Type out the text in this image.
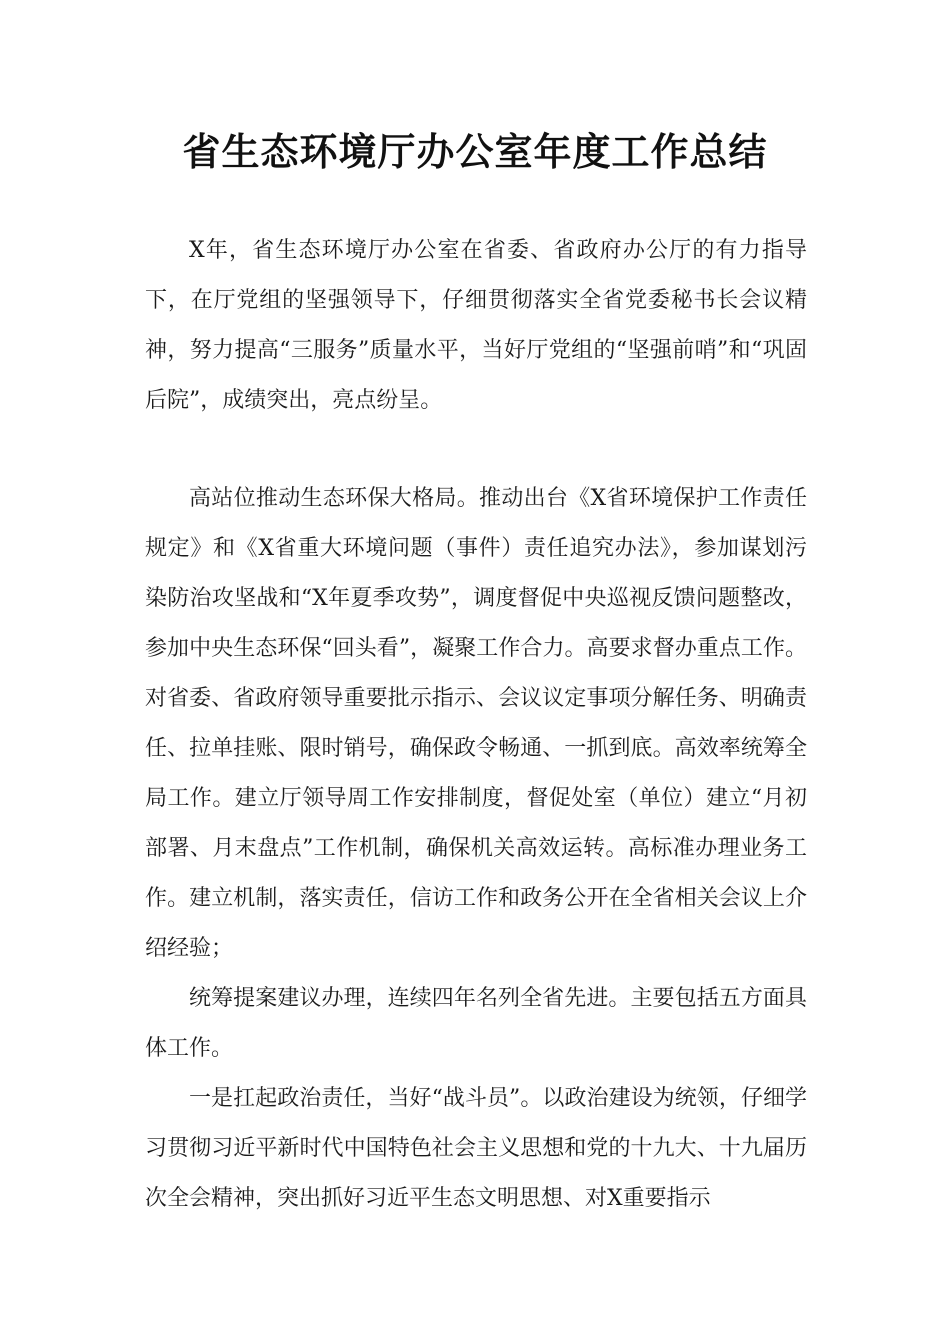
省生态环境厅办公室年度工作总结

X年，省生态环境厅办公室在省委、省政府办公厅的有力指导下，在厅党组的坚强领导下，仔细贯彻落实全省党委秘书长会议精神，努力提高“三服务”质量水平，当好厅党组的“坚强前哨”和“巩固后院”，成绩突出，亮点纷呈。

高站位推动生态环保大格局。推动出台《X省环境保护工作责任规定》和《X省重大环境问题（事件）责任追究办法》，参加谋划污染防治攻坚战和“X年夏季攻势”，调度督促中央巡视反馈问题整改，参加中央生态环保“回头看”，凝聚工作合力。高要求督办重点工作。对省委、省政府领导重要批示指示、会议议定事项分解任务、明确责任、拉单挂账、限时销号，确保政令畅通、一抓到底。高效率统筹全局工作。建立厅领导周工作安排制度，督促处室（单位）建立“月初部署、月末盘点”工作机制，确保机关高效运转。高标准办理业务工作。建立机制，落实责任，信访工作和政务公开在全省相关会议上介绍经验；

统筹提案建议办理，连续四年名列全省先进。主要包括五方面具体工作。

一是扛起政治责任，当好“战斗员”。以政治建设为统领，仔细学习贯彻习近平新时代中国特色社会主义思想和党的十九大、十九届历次全会精神，突出抓好习近平生态文明思想、对X重要指示
